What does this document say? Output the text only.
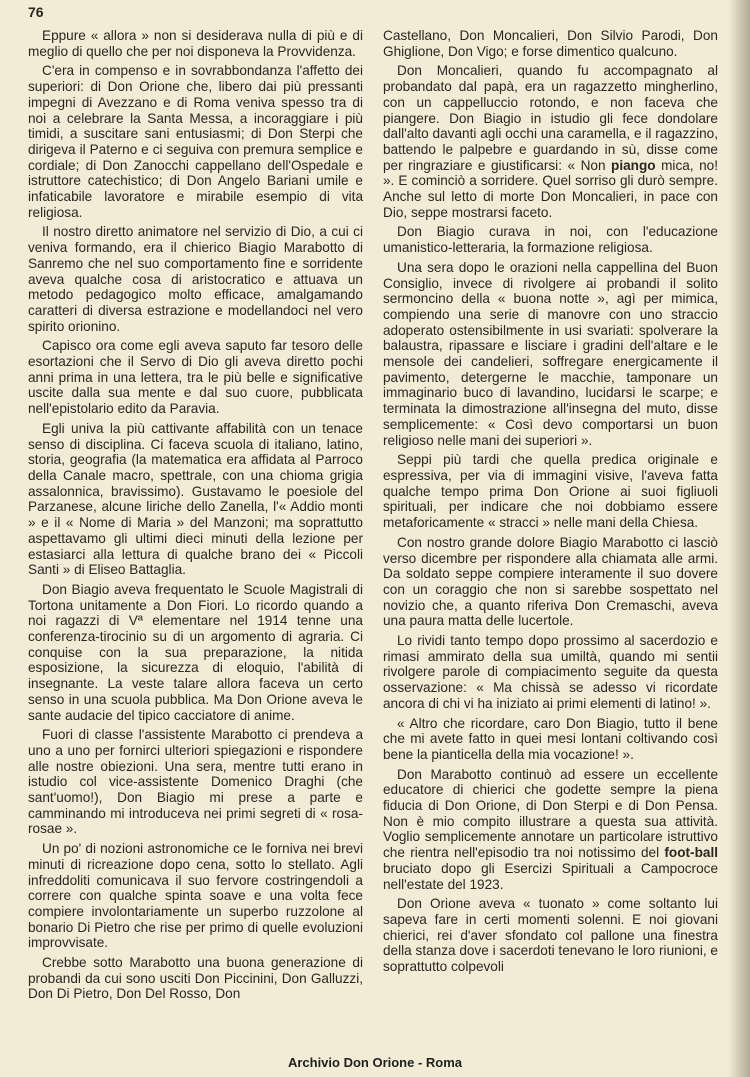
76

Eppure « allora » non si desiderava nulla di più e di meglio di quello che per noi disponeva la Provvidenza.

C'era in compenso e in sovrabbondanza l'affetto dei superiori: di Don Orione che, libero dai più pressanti impegni di Avezzano e di Roma veniva spesso tra di noi a celebrare la Santa Messa, a incoraggiare i più timidi, a suscitare sani entusiasmi; di Don Sterpi che dirigeva il Paterno e ci seguiva con premura semplice e cordiale; di Don Zanocchi cappellano dell'Ospedale e istruttore catechistico; di Don Angelo Bariani umile e infaticabile lavoratore e mirabile esempio di vita religiosa.

Il nostro diretto animatore nel servizio di Dio, a cui ci veniva formando, era il chierico Biagio Marabotto di Sanremo che nel suo comportamento fine e sorridente aveva qualche cosa di aristocratico e attuava un metodo pedagogico molto efficace, amalgamando caratteri di diversa estrazione e modellandoci nel vero spirito orionino.

Capisco ora come egli aveva saputo far tesoro delle esortazioni che il Servo di Dio gli aveva diretto pochi anni prima in una lettera, tra le più belle e significative uscite dalla sua mente e dal suo cuore, pubblicata nell'epistolario edito da Paravia.

Egli univa la più cattivante affabilità con un tenace senso di disciplina. Ci faceva scuola di italiano, latino, storia, geografia (la matematica era affidata al Parroco della Canale macro, spettrale, con una chioma grigia assalonnica, bravissimo). Gustavamo le poesiole del Parzanese, alcune liriche dello Zanella, l'« Addio monti » e il « Nome di Maria » del Manzoni; ma soprattutto aspettavamo gli ultimi dieci minuti della lezione per estasiarci alla lettura di qualche brano dei « Piccoli Santi » di Eliseo Battaglia.

Don Biagio aveva frequentato le Scuole Magistrali di Tortona unitamente a Don Fiori. Lo ricordo quando a noi ragazzi di Vª elementare nel 1914 tenne una conferenza-tirocinio su di un argomento di agraria. Ci conquise con la sua preparazione, la nitida esposizione, la sicurezza di eloquio, l'abilità di insegnante. La veste talare allora faceva un certo senso in una scuola pubblica. Ma Don Orione aveva le sante audacie del tipico cacciatore di anime.

Fuori di classe l'assistente Marabotto ci prendeva a uno a uno per fornirci ulteriori spiegazioni e rispondere alle nostre obiezioni. Una sera, mentre tutti erano in istudio col vice-assistente Domenico Draghi (che sant'uomo!), Don Biagio mi prese a parte e camminando mi introduceva nei primi segreti di « rosa-rosae ».

Un po' di nozioni astronomiche ce le forniva nei brevi minuti di ricreazione dopo cena, sotto lo stellato. Agli infreddoliti comunicava il suo fervore costringendoli a correre con qualche spinta soave e una volta fece compiere involontariamente un superbo ruzzolone al bonario Di Pietro che rise per primo di quelle evoluzioni improvvisate.

Crebbe sotto Marabotto una buona generazione di probandi da cui sono usciti Don Piccinini, Don Galluzzi, Don Di Pietro, Don Del Rosso, Don

Castellano, Don Moncalieri, Don Silvio Parodi, Don Ghiglione, Don Vigo; e forse dimentico qualcuno.

Don Moncalieri, quando fu accompagnato al probandato dal papà, era un ragazzetto mingherlino, con un cappelluccio rotondo, e non faceva che piangere. Don Biagio in istudio gli fece dondolare dall'alto davanti agli occhi una caramella, e il ragazzino, battendo le palpebre e guardando in sù, disse come per ringraziare e giustificarsi: « Non piango mica, no! ». E cominciò a sorridere. Quel sorriso gli durò sempre. Anche sul letto di morte Don Moncalieri, in pace con Dio, seppe mostrarsi faceto.

Don Biagio curava in noi, con l'educazione umanistico-letteraria, la formazione religiosa.

Una sera dopo le orazioni nella cappellina del Buon Consiglio, invece di rivolgere ai probandi il solito sermoncino della « buona notte », agì per mimica, compiendo una serie di manovre con uno straccio adoperato ostensibilmente in usi svariati: spolverare la balaustra, ripassare e lisciare i gradini dell'altare e le mensole dei candelieri, soffregare energicamente il pavimento, detergerne le macchie, tamponare un immaginario buco di lavandino, lucidarsi le scarpe; e terminata la dimostrazione all'insegna del muto, disse semplicemente: « Così devo comportarsi un buon religioso nelle mani dei superiori ».

Seppi più tardi che quella predica originale e espressiva, per via di immagini visive, l'aveva fatta qualche tempo prima Don Orione ai suoi figliuoli spirituali, per indicare che noi dobbiamo essere metaforicamente « stracci » nelle mani della Chiesa.

Con nostro grande dolore Biagio Marabotto ci lasciò verso dicembre per rispondere alla chiamata alle armi. Da soldato seppe compiere interamente il suo dovere con un coraggio che non si sarebbe sospettato nel novizio che, a quanto riferiva Don Cremaschi, aveva una paura matta delle lucertole.

Lo rividi tanto tempo dopo prossimo al sacerdozio e rimasi ammirato della sua umiltà, quando mi sentii rivolgere parole di compiacimento seguite da questa osservazione: « Ma chissà se adesso vi ricordate ancora di chi vi ha iniziato ai primi elementi di latino! ».

« Altro che ricordare, caro Don Biagio, tutto il bene che mi avete fatto in quei mesi lontani coltivando così bene la pianticella della mia vocazione! ».

Don Marabotto continuò ad essere un eccellente educatore di chierici che godette sempre la piena fiducia di Don Orione, di Don Sterpi e di Don Pensa. Non è mio compito illustrare a questa sua attività. Voglio semplicemente annotare un particolare istruttivo che rientra nell'episodio tra noi notissimo del foot-ball bruciato dopo gli Esercizi Spirituali a Campocroce nell'estate del 1923.

Don Orione aveva « tuonato » come soltanto lui sapeva fare in certi momenti solenni. E noi giovani chierici, rei d'aver sfondato col pallone una finestra della stanza dove i sacerdoti tenevano le loro riunioni, e soprattutto colpevoli

Archivio Don Orione - Roma
